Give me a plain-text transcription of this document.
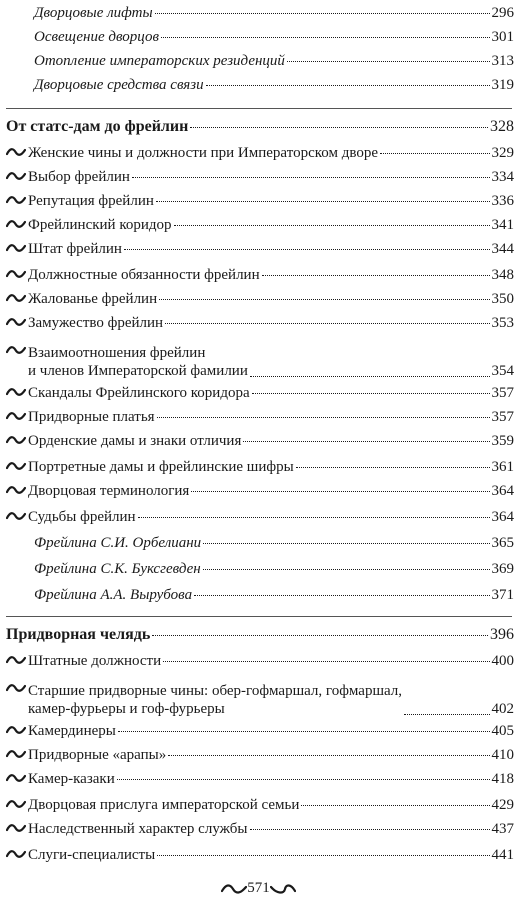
Дворцовые лифты	296
Освещение дворцов	301
Отопление императорских резиденций	313
Дворцовые средства связи	319
От статс-дам до фрейлин	328
Женские чины и должности при Императорском дворе	329
Выбор фрейлин	334
Репутация фрейлин	336
Фрейлинский коридор	341
Штат фрейлин	344
Должностные обязанности фрейлин	348
Жалованье фрейлин	350
Замужество фрейлин	353
Взаимоотношения фрейлин
и членов Императорской фамилии	354
Скандалы Фрейлинского коридора	357
Придворные платья	357
Орденские дамы и знаки отличия	359
Портретные дамы и фрейлинские шифры	361
Дворцовая терминология	364
Судьбы фрейлин	364
Фрейлина С.И. Орбелиани	365
Фрейлина С.К. Буксгевден	369
Фрейлина А.А. Вырубова	371
Придворная челядь	396
Штатные должности	400
Старшие придворные чины: обер-гофмаршал, гофмаршал,
камер-фурьеры и гоф-фурьеры	402
Камердинеры	405
Придворные «арапы»	410
Камер-казаки	418
Дворцовая прислуга императорской семьи	429
Наследственный характер службы	437
Слуги-специалисты	441
571
